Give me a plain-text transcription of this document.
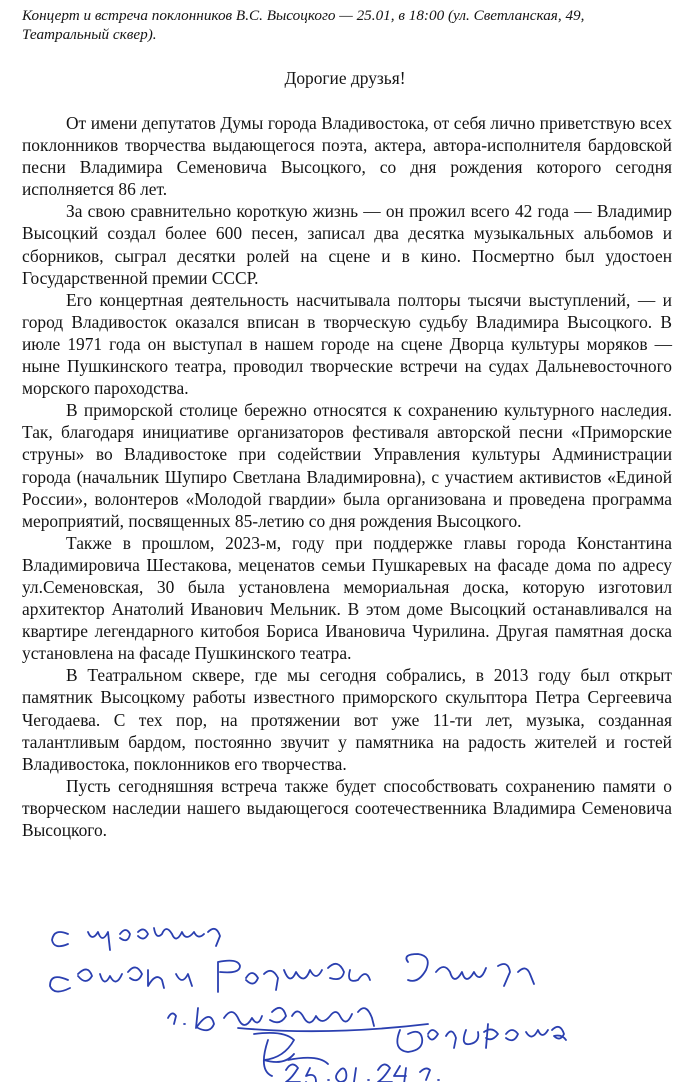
Концерт и встреча поклонников В.С. Высоцкого — 25.01, в 18:00 (ул. Светланская, 49, Театральный сквер).
Дорогие друзья!

От имени депутатов Думы города Владивостока, от себя лично приветствую всех поклонников творчества выдающегося поэта, актера, автора-исполнителя бардовской песни Владимира Семеновича Высоцкого, со дня рождения которого сегодня исполняется 86 лет.

За свою сравнительно короткую жизнь — он прожил всего 42 года — Владимир Высоцкий создал более 600 песен, записал два десятка музыкальных альбомов и сборников, сыграл десятки ролей на сцене и в кино. Посмертно был удостоен Государственной премии СССР.

Его концертная деятельность насчитывала полторы тысячи выступлений, — и город Владивосток оказался вписан в творческую судьбу Владимира Высоцкого. В июле 1971 года он выступал в нашем городе на сцене Дворца культуры моряков — ныне Пушкинского театра, проводил творческие встречи на судах Дальневосточного морского пароходства.

В приморской столице бережно относятся к сохранению культурного наследия. Так, благодаря инициативе организаторов фестиваля авторской песни «Приморские струны» во Владивостоке при содействии Управления культуры Администрации города (начальник Шупиро Светлана Владимировна), с участием активистов «Единой России», волонтеров «Молодой гвардии» была организована и проведена программа мероприятий, посвященных 85-летию со дня рождения Высоцкого.

Также в прошлом, 2023-м, году при поддержке главы города Константина Владимировича Шестакова, меценатов семьи Пушкаревых на фасаде дома по адресу ул.Семеновская, 30 была установлена мемориальная доска, которую изготовил архитектор Анатолий Иванович Мельник. В этом доме Высоцкий останавливался на квартире легендарного китобоя Бориса Ивановича Чурилина. Другая памятная доска установлена на фасаде Пушкинского театра.

В Театральном сквере, где мы сегодня собрались, в 2013 году был открыт памятник Высоцкому работы известного приморского скульптора Петра Сергеевича Чегодаева. С тех пор, на протяжении вот уже 11-ти лет, музыка, созданная талантливым бардом, постоянно звучит у памятника на радость жителей и гостей Владивостока, поклонников его творчества.

Пусть сегодняшняя встреча также будет способствовать сохранению памяти о творческом наследии нашего выдающегося соотечественника Владимира Семеновича Высоцкого.
